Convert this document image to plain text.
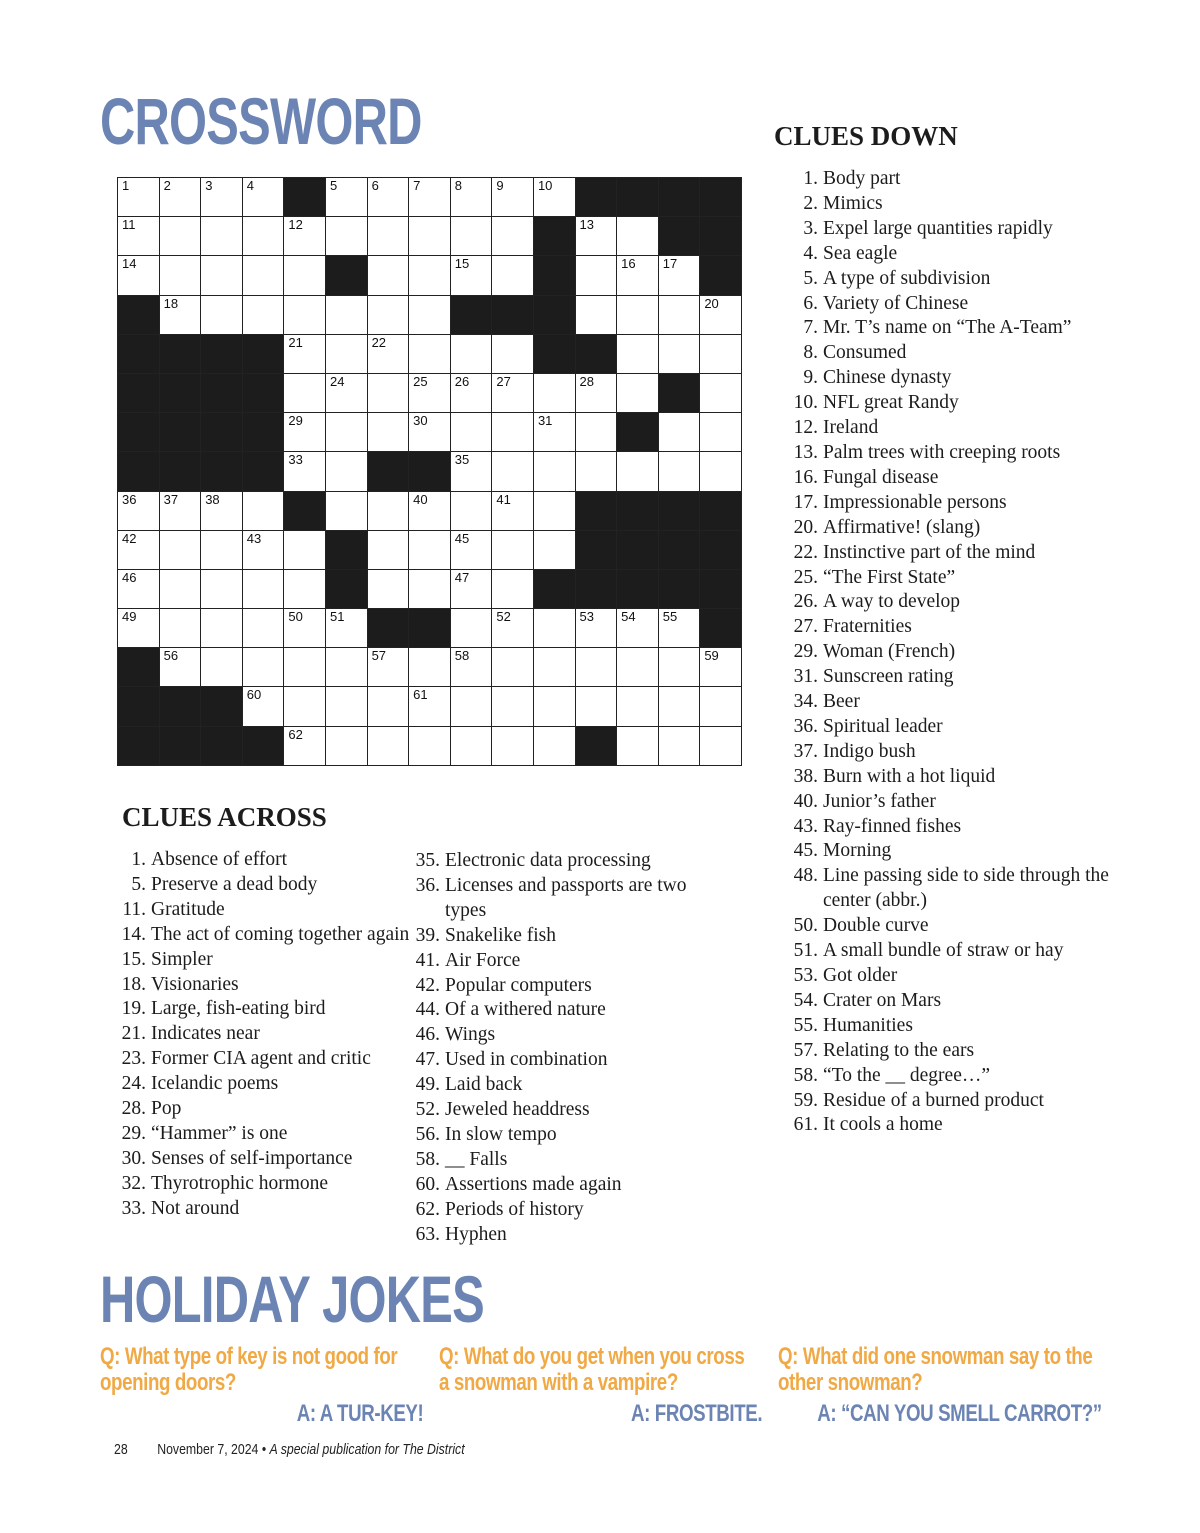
CROSSWORD
1	2	3	4	5	6	7	8	9	10
11	12	13
14	15	16 17
18	20
21	22
24	25 26 27	28
29	30	31
33	35
36 37 38	40	41
42	43	45
46	47
49	50 51	52	53 54 55
56	57	58	59
60	61
62
CLUES ACROSS
1. Absence of effort
5. Preserve a dead body
11. Gratitude
14. The act of coming together again
15. Simpler
18. Visionaries
19. Large, fish-eating bird
21. Indicates near
23. Former CIA agent and critic
24. Icelandic poems
28. Pop
29. “Hammer” is one
30. Senses of self-importance
32. Thyrotrophic hormone
33. Not around
35. Electronic data processing
36. Licenses and passports are two types
39. Snakelike fish
41. Air Force
42. Popular computers
44. Of a withered nature
46. Wings
47. Used in combination
49. Laid back
52. Jeweled headdress
56. In slow tempo
58. __ Falls
60. Assertions made again
62. Periods of history
63. Hyphen
CLUES DOWN
1. Body part
2. Mimics
3. Expel large quantities rapidly
4. Sea eagle
5. A type of subdivision
6. Variety of Chinese
7. Mr. T’s name on “The A-Team”
8. Consumed
9. Chinese dynasty
10. NFL great Randy
12. Ireland
13. Palm trees with creeping roots
16. Fungal disease
17. Impressionable persons
20. Affirmative! (slang)
22. Instinctive part of the mind
25. “The First State”
26. A way to develop
27. Fraternities
29. Woman (French)
31. Sunscreen rating
34. Beer
36. Spiritual leader
37. Indigo bush
38. Burn with a hot liquid
40. Junior’s father
43. Ray-finned fishes
45. Morning
48. Line passing side to side through the center (abbr.)
50. Double curve
51. A small bundle of straw or hay
53. Got older
54. Crater on Mars
55. Humanities
57. Relating to the ears
58. “To the __ degree…”
59. Residue of a burned product
61. It cools a home
HOLIDAY JOKES

Q: What type of key is not good for opening doors?

A: A TUR-KEY!

Q: What do you get when you cross a snowman with a vampire?

A: FROSTBITE.

Q: What did one snowman say to the other snowman?

A: “CAN YOU SMELL CARROT?”

28 November 7, 2024 • A special publication for The District
